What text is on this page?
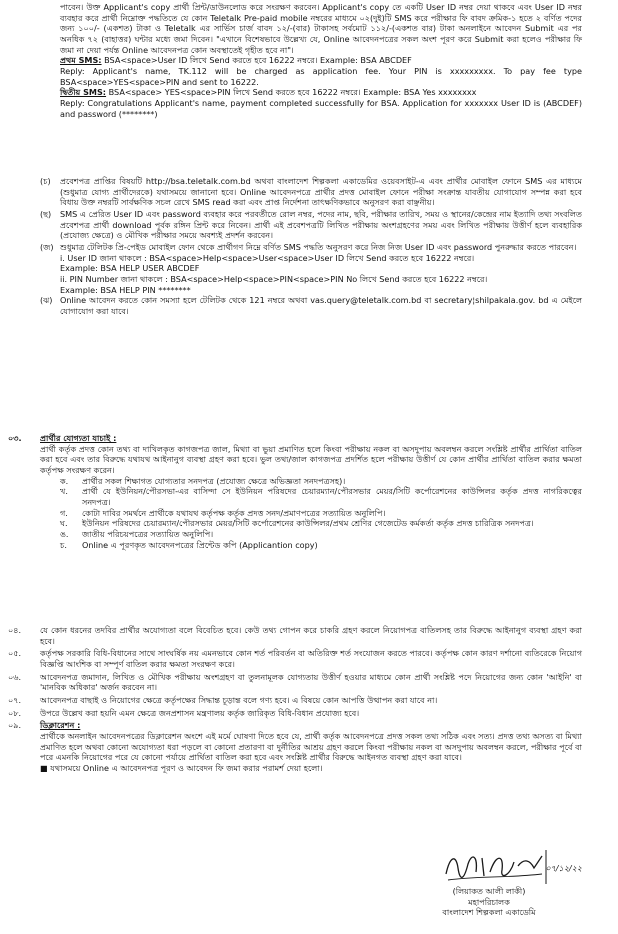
পাবেন। উক্ত Applicant's copy প্রার্থী প্রিন্ট/ডাউনলোড করে সংরক্ষণ করবেন। Applicant's copy তে একটি User ID নম্বর দেয়া থাকবে এবং User ID নম্বর ব্যবহার করে প্রার্থী নিম্নোক্ত পদ্ধতিতে যে কোন Teletalk Pre-paid mobile নম্বরের মাধ্যমে ০২(দুই)টি SMS করে পরীক্ষার ফি বাবদ ক্রমিক-১ হতে ২ বর্ণিত পদের জন্য ১০০/- (একশত) টাকা ও Teletalk এর সার্ভিস চার্জ বাবদ ১২/-(বার) টাকাসহ সর্বমোট ১১২/-(একশত বার) টাকা অনলাইনে আবেদন Submit এর পর অনধিক ৭২ (বাহাত্তর) ঘন্টার মধ্যে জমা দিবেন। "এখানে বিশেষভাবে উল্লেখ্য যে, Online আবেদনপত্রের সকল অংশ পূরণ করে Submit করা হলেও পরীক্ষার ফি জমা না দেয়া পর্যন্ত Online আবেদনপত্র কোন অবস্থাতেই গৃহীত হবে না"।

প্রথম SMS: BSA<space>User ID লিখে Send করতে হবে 16222 নম্বরে। Example: BSA ABCDEF

Reply: Applicant's name, TK.112 will be charged as application fee. Your PIN is xxxxxxxxx. To pay fee type BSA<space>YES<space>PIN and sent to 16222.

দ্বিতীয় SMS: BSA<space> YES<space>PIN লিখে Send করতে হবে 16222 নম্বরে। Example: BSA Yes xxxxxxxx

Reply: Congratulations Applicant's name, payment completed successfully for BSA. Application for xxxxxxx User ID is (ABCDEF) and password (********)

(চ)	প্রবেশপত্র প্রাপ্তির বিষয়টি http://bsa.teletalk.com.bd অথবা বাংলাদেশ শিল্পকলা একাডেমির ওয়েবসাইট-এ এবং প্রার্থীর মোবাইল ফোনে SMS এর মাধ্যমে (শুধুমাত্র যোগ্য প্রার্থীদেরকে) যথাসময়ে জানানো হবে। Online আবেদনপত্রে প্রার্থীর প্রদত্ত মোবাইল ফোনে পরীক্ষা সংক্রান্ত যাবতীয় যোগাযোগ সম্পন্ন করা হবে বিধায় উক্ত নম্বরটি সার্বক্ষণিক সচল রেখে SMS read করা এবং প্রাপ্ত নির্দেশনা তাৎক্ষণিকভাবে অনুসরণ করা বাঞ্ছনীয়।
(ছ)	SMS এ প্রেরিত User ID এবং password ব্যবহার করে পরবর্তীতে রোল নম্বর, পদের নাম, ছবি, পরীক্ষার তারিখ, সময় ও স্থানের/কেন্দ্রের নাম ইত্যাদি তথ্য সংবলিত প্রবেশপত্র প্রার্থী download পূর্বক রঙ্গিন প্রিন্ট করে নিবেন। প্রার্থী এই প্রবেশপত্রটি লিখিত পরীক্ষায় অংশগ্রহণের সময় এবং লিখিত পরীক্ষায় উত্তীর্ণ হলে ব্যবহারিক (প্রযোজ্য ক্ষেত্রে) ও মৌখিক পরীক্ষার সময়ে অবশ্যই প্রদর্শন করবেন।
(জ) শুধুমাত্র টেলিটক প্রি-পেইড মোবাইল ফোন থেকে প্রার্থীগণ নিম্নে বর্ণিত SMS পদ্ধতি অনুসরণ করে নিজ নিজ User ID এবং password পুনরুদ্ধার করতে পারবেন।

i. User ID জানা থাকলে : BSA<space>Help<space>User<space>User ID লিখে Send করতে হবে 16222 নম্বরে।

Example: BSA HELP USER ABCDEF

ii. PIN Number জানা থাকলে : BSA<space>Help<space>PIN<space>PIN No লিখে Send করতে হবে 16222 নম্বরে।

Example: BSA HELP PIN ********

(ঝ) Online আবেদন করতে কোন সমস্যা হলে টেলিটক থেকে 121 নম্বরে অথবা vas.query@teletalk.com.bd বা secretary¦shilpakala.gov. bd এ মেইলে যোগাযোগ করা যাবে।
০৩.	প্রার্থীর যোগ্যতা যাচাই :

প্রার্থী কর্তৃক প্রদত্ত কোন তথ্য বা দাখিলকৃত কাগজপত্র জাল, মিথ্যা বা ভুয়া প্রমাণিত হলে কিংবা পরীক্ষায় নকল বা অসদুপায় অবলম্বন করলে সংশ্লিষ্ট প্রার্থীর প্রার্থিতা বাতিল করা হবে এবং তার বিরুদ্ধে যথাযথ আইনানুগ ব্যবস্থা গ্রহণ করা হবে। ভুল তথ্য/জাল কাগজপত্র প্রদর্শিত হলে পরীক্ষায় উত্তীর্ণ যে কোন প্রার্থীর প্রার্থিতা বাতিল করার ক্ষমতা কর্তৃপক্ষ সংরক্ষণ করেন।

ক.	প্রার্থীর সকল শিক্ষাগত যোগ্যতার সনদপত্র (প্রযোজ্য ক্ষেত্রে অভিজ্ঞতা সনদপত্রসহ)।
খ.	প্রার্থী যে ইউনিয়ন/পৌরসভা-এর বাসিন্দা সে ইউনিয়ন পরিষদের চেয়ারম্যান/পৌরসভার মেয়র/সিটি কর্পোরেশনের কাউন্সিলর কর্তৃক প্রদত্ত নাগরিকত্বের সনদপত্র।
গ.	কোটা দাবির সমর্থনে প্রার্থীকে যথাযথ কর্তৃপক্ষ কর্তৃক প্রদত্ত সনদ/প্রমাণপত্রের সত্যায়িত অনুলিপি।
ঘ.	ইউনিয়ন পরিষদের চেয়ারম্যান/পৌরসভার মেয়র/সিটি কর্পোরেশনের কাউন্সিলর/প্রথম শ্রেণির গেজেটেড কর্মকর্তা কর্তৃক প্রদত্ত চারিত্রিক সনদপত্র।
ঙ.	জাতীয় পরিচয়পত্রের সত্যায়িত অনুলিপি।
চ.	Online এ পূরণকৃত আবেদনপত্রের প্রিন্টেড কপি (Applicantion copy)
০৪.	যে কোন ধরনের তদবির প্রার্থীর অযোগ্যতা বলে বিবেচিত হবে। কেউ তথ্য গোপন করে চাকরি গ্রহণ করলে নিয়োগপত্র বাতিলসহ তার বিরুদ্ধে আইনানুগ ব্যবস্থা গ্রহণ করা হবে।
০৫.	কর্তৃপক্ষ সরকারি বিধি-বিধানের সাথে সাংঘর্ষিক নয় এমনভাবে কোন শর্ত পরিবর্তন বা অতিরিক্ত শর্ত সংযোজন করতে পারবে। কর্তৃপক্ষ কোন কারণ দর্শানো ব্যতিরেকে নিয়োগ বিজ্ঞপ্তি আংশিক বা সম্পূর্ণ বাতিল করার ক্ষমতা সংরক্ষণ করে।
০৬.	আবেদনপত্র জমাদান, লিখিত ও মৌখিক পরীক্ষায় অংশগ্রহণ বা তুলনামূলক যোগ্যতায় উত্তীর্ণ হওয়ার মাধ্যমে কোন প্রার্থী সংশ্লিষ্ট পদে নিয়োগের জন্য কোন 'আইনি' বা 'মানবিক অধিকার' অর্জন করবেন না।
০৭.	আবেদনপত্র বাছাই ও নিয়োগের ক্ষেত্রে কর্তৃপক্ষের সিদ্ধান্ত চূড়ান্ত বলে গণ্য হবে। এ বিষয়ে কোন আপত্তি উত্থাপন করা যাবে না।
০৮.	উপরে উল্লেখ করা হয়নি এমন ক্ষেত্রে জনপ্রশাসন মন্ত্রণালয় কর্তৃক জারিকৃত বিধি-বিধান প্রযোজ্য হবে।
০৯.	ডিক্লারেশন :

প্রার্থীকে অনলাইন আবেদনপত্রের ডিক্লারেশন অংশে এই মর্মে ঘোষণা দিতে হবে যে, প্রার্থী কর্তৃক আবেদনপত্রে প্রদত্ত সকল তথ্য সঠিক এবং সত্য। প্রদত্ত তথ্য অসত্য বা মিথ্যা প্রমাণিত হলে অথবা কোনো অযোগ্যতা ধরা পড়লে বা কোনো প্রতারণা বা দুর্নীতির আশ্রয় গ্রহণ করলে কিংবা পরীক্ষায় নকল বা অসদুপায় অবলম্বন করলে, পরীক্ষার পূর্বে বা পরে এমনকি নিয়োগের পরে যে কোনো পর্যায়ে প্রার্থিতা বাতিল করা হবে এবং সংশ্লিষ্ট প্রার্থীর বিরুদ্ধে আইনগত ব্যবস্থা গ্রহণ করা যাবে।

■ যথাসময়ে Online এ আবেদনপত্র পূরণ ও আবেদন ফি জমা করার পরামর্শ দেয়া হলো।

০৭/১২/২২
(লিয়াকত আলী লাকী)
মহাপরিচালক
বাংলাদেশ শিল্পকলা একাডেমি
